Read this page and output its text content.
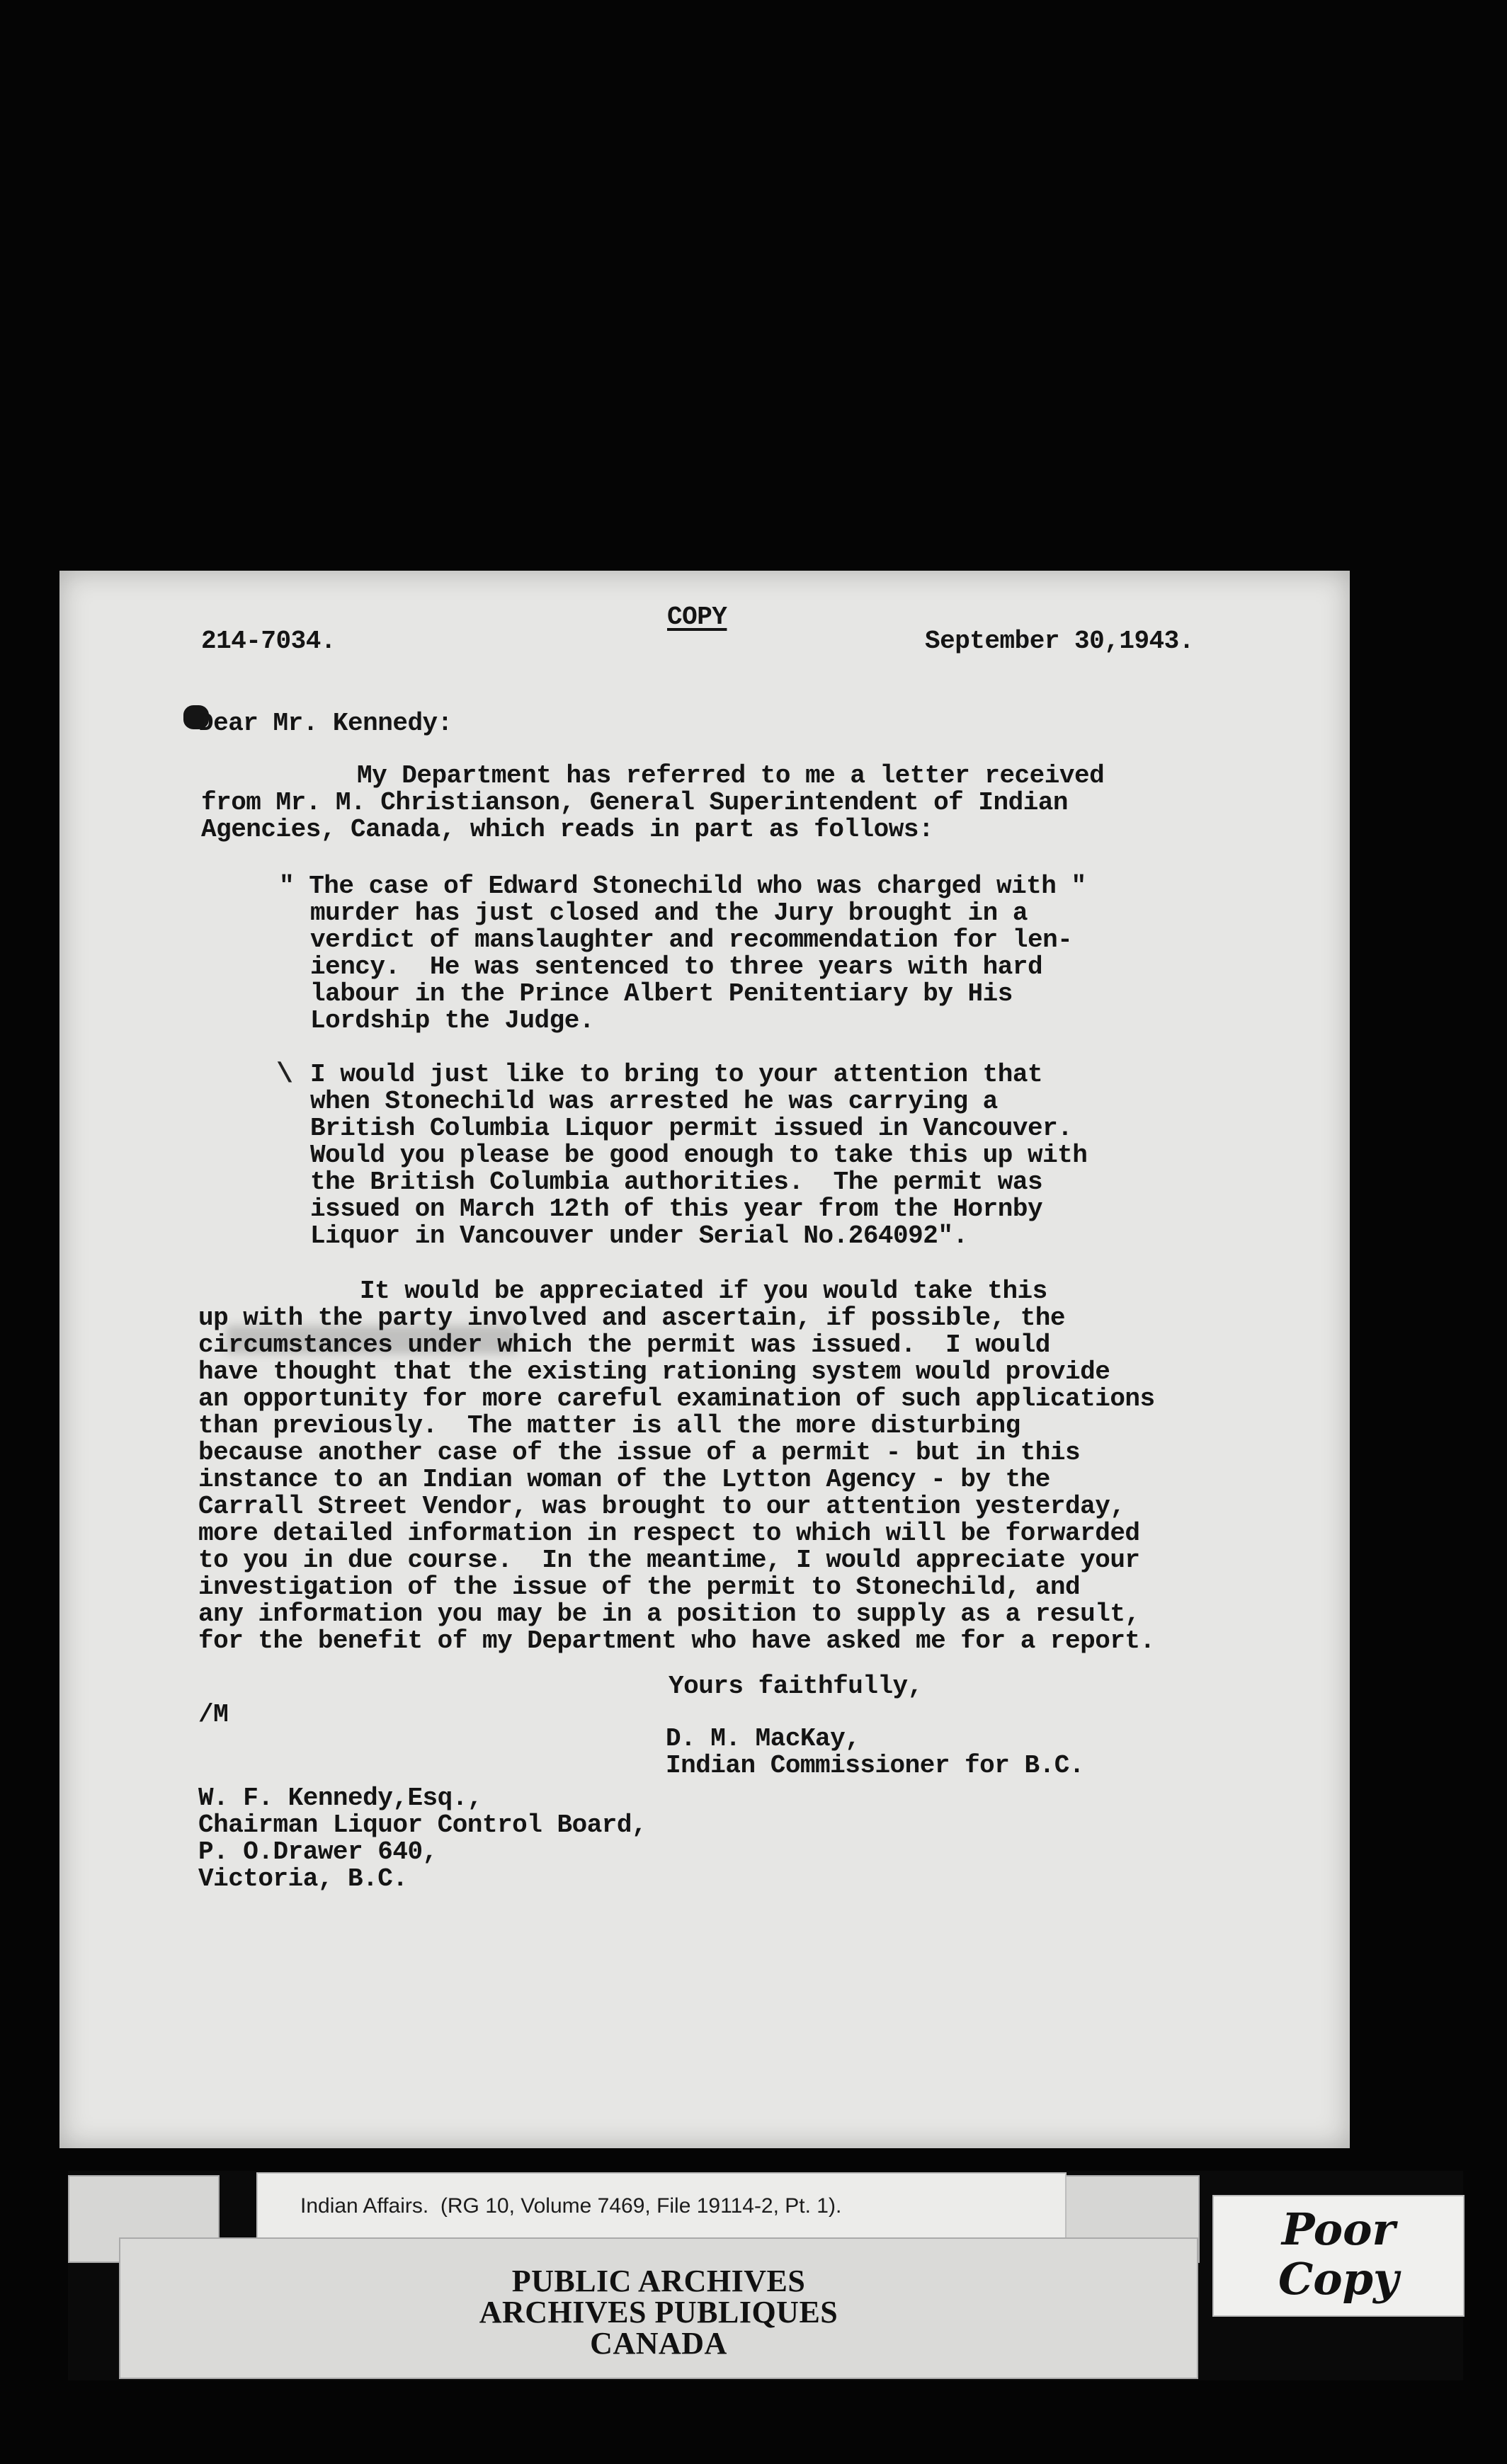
\
214-7034.
COPY
September 30,1943.
Dear Mr. Kennedy:
My Department has referred to me a letter received
from Mr. M. Christianson, General Superintendent of Indian
Agencies, Canada, which reads in part as follows:
" The case of Edward Stonechild who was charged with "
murder has just closed and the Jury brought in a
verdict of manslaughter and recommendation for len-
iency.  He was sentenced to three years with hard
labour in the Prince Albert Penitentiary by His
Lordship the Judge.
I would just like to bring to your attention that
when Stonechild was arrested he was carrying a
British Columbia Liquor permit issued in Vancouver.
Would you please be good enough to take this up with
the British Columbia authorities.  The permit was
issued on March 12th of this year from the Hornby
Liquor in Vancouver under Serial No.264092".
It would be appreciated if you would take this
up with the party involved and ascertain, if possible, the
circumstances under which the permit was issued.  I would
have thought that the existing rationing system would provide
an opportunity for more careful examination of such applications
than previously.  The matter is all the more disturbing
because another case of the issue of a permit - but in this
instance to an Indian woman of the Lytton Agency - by the
Carrall Street Vendor, was brought to our attention yesterday,
more detailed information in respect to which will be forwarded
to you in due course.  In the meantime, I would appreciate your
investigation of the issue of the permit to Stonechild, and
any information you may be in a position to supply as a result,
for the benefit of my Department who have asked me for a report.
Yours faithfully,
/M
D. M. MacKay,
Indian Commissioner for B.C.
W. F. Kennedy,Esq.,
Chairman Liquor Control Board,
P. O.Drawer 640,
Victoria, B.C.
Indian Affairs.  (RG 10, Volume 7469, File 19114-2, Pt. 1).
PUBLIC ARCHIVES
ARCHIVES PUBLIQUES
CANADA
Poor
Copy
